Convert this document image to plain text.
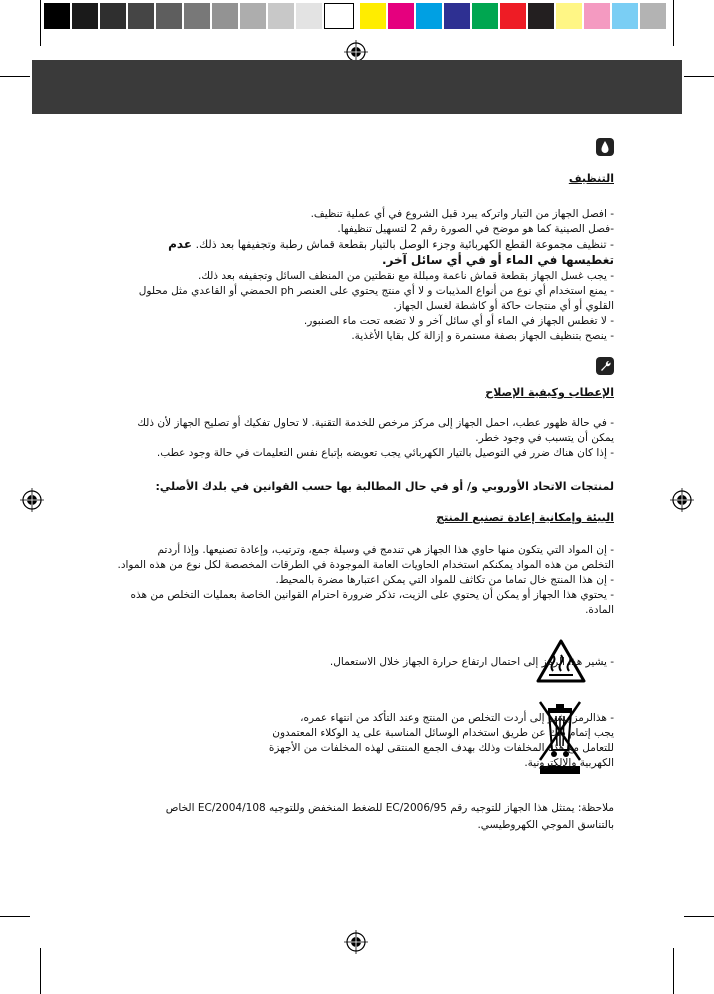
التنظيف
- افصل الجهاز من التيار واتركه يبرد قبل الشروع في أي عملية تنظيف.
-فصل الصينية كما هو موضح في الصورة رقم 2 لتسهيل تنظيفها.
- تنظيف مجموعة القطع الكهربائية وجزء الوصل بالتيار بقطعة قماش رطبة وتجفيفها بعد ذلك. عدم
تغطيسها في الماء أو في أي سائل آخر.
- يجب غسل الجهاز بقطعة قماش ناعمة ومبللة مع نقطتين من المنظف السائل وتجفيفه بعد ذلك.
- يمنع استخدام أي نوع من أنواع المذيبات و لا أي منتج يحتوي على العنصر ph الحمضي أو القاعدي مثل محلول
القلوي أو أي منتجات حاكة أو كاشطة لغسل الجهاز.
- لا تغطس الجهاز في الماء أو أي سائل آخر و لا تضعه تحت ماء الصنبور.
- ينصح بتنظيف الجهاز بصفة مستمرة و إزالة كل بقايا الأغذية.
الإعطاب وكيفية الإصلاح
- في حالة ظهور عطب، احمل الجهاز إلى مركز مرخص للخدمة التقنية. لا تحاول تفكيك أو تصليح الجهاز لأن ذلك
يمكن أن يتسبب في وجود خطر.
- إذا كان هناك ضرر في التوصيل بالتيار الكهربائي يجب تعويضه بإتباع نفس التعليمات في حالة وجود عطب.
لمنتجات الاتحاد الأوروبي و/ أو في حال المطالبة بها حسب القوانين في بلدك الأصلي:
البيئة وإمكانية إعادة تصنيع المنتج
- إن المواد التي يتكون منها حاوي هذا الجهاز هي تندمج في وسيلة جمع، وترتيب، وإعادة تصنيعها. وإذا أردتم
التخلص من هذه المواد يمكنكم استخدام الحاويات العامة الموجودة في الطرقات المخصصة لكل نوع من هذه المواد.
- إن هذا المنتج خال تماما من تكاثف للمواد التي يمكن اعتبارها مضرة بالمحيط.
- يحتوي هذا الجهاز أو يمكن أن يحتوي على الزيت، تذكر ضرورة احترام القوانين الخاصة بعمليات التخلص من هذه
المادة.
- يشير هذا الرمز إلى احتمال ارتفاع حرارة الجهاز خلال الاستعمال.
- هذالرمز يشير إلى أردت التخلص من المنتج وعند التأكد من انتهاء عمره،
يجب إتمام ذلك عن طريق استخدام الوسائل المناسبة على يد الوكلاء المعتمدون
للتعامل مع هذه المخلفات وذلك بهدف الجمع المنتقى لهذه المخلفات من الأجهزة
الكهربية والالكترونية.
ملاحظة: يمتثل هذا الجهاز للتوجيه رقم EC/2006/95 للضغط المنخفض وللتوجيه EC/2004/108 الخاص
بالتناسق الموجي الكهروطيسي.
